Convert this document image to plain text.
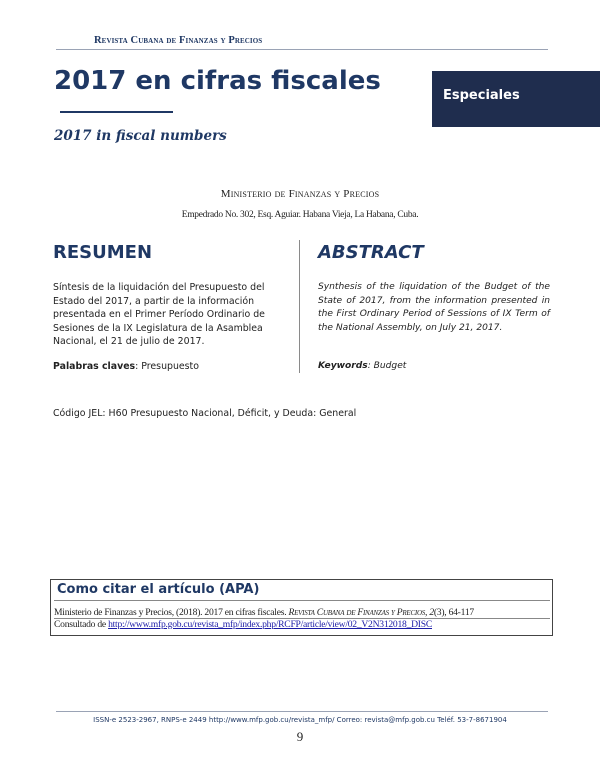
Revista Cubana de Finanzas y Precios
2017 en cifras fiscales
2017 in fiscal numbers
Especiales
Ministerio de Finanzas y Precios
Empedrado No. 302, Esq. Aguiar. Habana Vieja, La Habana, Cuba.
RESUMEN	ABSTRACT
Síntesis de la liquidación del Presupuesto del Estado del 2017, a partir de la información presentada en el Primer Período Ordinario de Sesiones de la IX Legislatura de la Asamblea Nacional, el 21 de julio de 2017.
Synthesis of the liquidation of the Budget of the State of 2017, from the information presented in the First Ordinary Period of Sessions of IX Term of the National Assembly, on July 21, 2017.
Palabras claves: Presupuesto	Keywords: Budget
Código JEL: H60 Presupuesto Nacional, Déficit, y Deuda: General
Como citar el artículo (APA)
Ministerio de Finanzas y Precios, (2018). 2017 en cifras fiscales. Revista Cubana de Finanzas y Precios, 2(3), 64-117
Consultado de http://www.mfp.gob.cu/revista_mfp/index.php/RCFP/article/view/02_V2N312018_DISC
ISSN-e 2523-2967, RNPS-e 2449 http://www.mfp.gob.cu/revista_mfp/ Correo: revista@mfp.gob.cu Teléf. 53-7-8671904
9
